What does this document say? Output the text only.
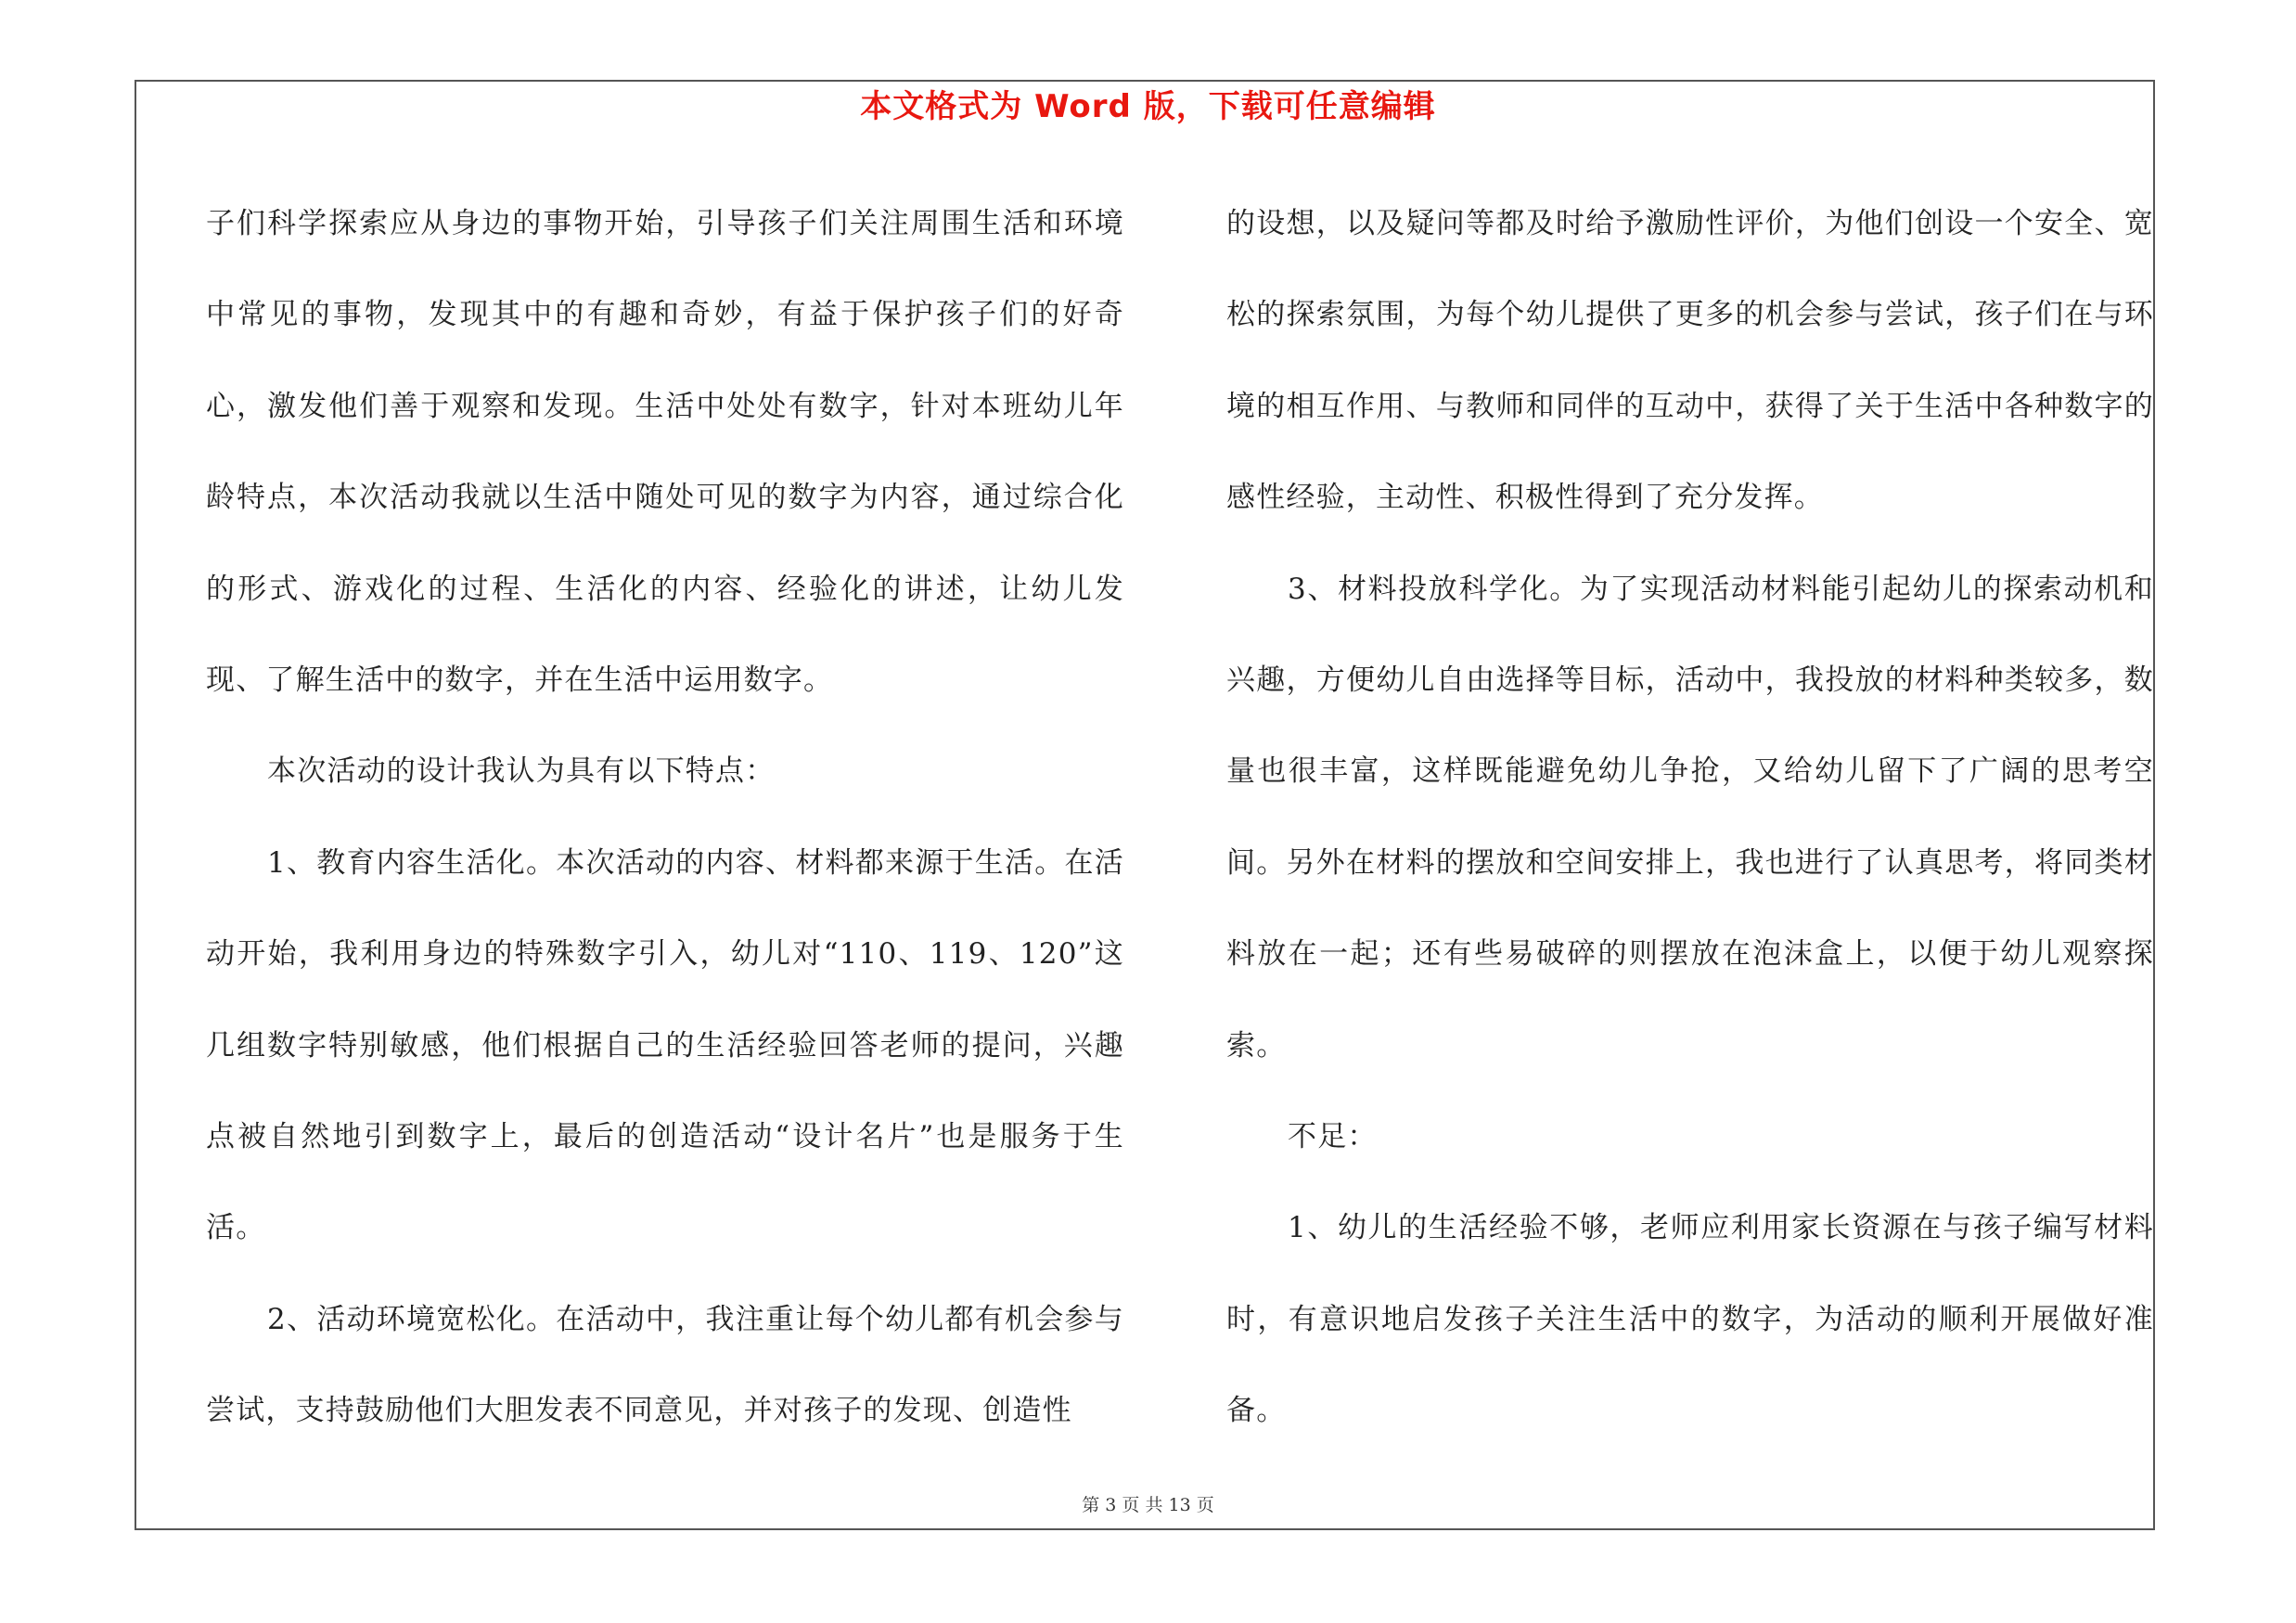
本文格式为 Word 版，下载可任意编辑

子们科学探索应从身边的事物开始，引导孩子们关注周围生活和环境中常见的事物，发现其中的有趣和奇妙，有益于保护孩子们的好奇心，激发他们善于观察和发现。生活中处处有数字，针对本班幼儿年龄特点，本次活动我就以生活中随处可见的数字为内容，通过综合化的形式、游戏化的过程、生活化的内容、经验化的讲述，让幼儿发现、了解生活中的数字，并在生活中运用数字。

本次活动的设计我认为具有以下特点：

1、教育内容生活化。本次活动的内容、材料都来源于生活。在活动开始，我利用身边的特殊数字引入，幼儿对“110、119、120”这几组数字特别敏感，他们根据自己的生活经验回答老师的提问，兴趣点被自然地引到数字上，最后的创造活动“设计名片”也是服务于生活。

2、活动环境宽松化。在活动中，我注重让每个幼儿都有机会参与尝试，支持鼓励他们大胆发表不同意见，并对孩子的发现、创造性

的设想，以及疑问等都及时给予激励性评价，为他们创设一个安全、宽松的探索氛围，为每个幼儿提供了更多的机会参与尝试，孩子们在与环境的相互作用、与教师和同伴的互动中，获得了关于生活中各种数字的感性经验，主动性、积极性得到了充分发挥。

3、材料投放科学化。为了实现活动材料能引起幼儿的探索动机和兴趣，方便幼儿自由选择等目标，活动中，我投放的材料种类较多，数量也很丰富，这样既能避免幼儿争抢，又给幼儿留下了广阔的思考空间。另外在材料的摆放和空间安排上，我也进行了认真思考，将同类材料放在一起；还有些易破碎的则摆放在泡沫盒上，以便于幼儿观察探索。

不足：

1、幼儿的生活经验不够，老师应利用家长资源在与孩子编写材料时，有意识地启发孩子关注生活中的数字，为活动的顺利开展做好准备。

第 3 页 共 13 页
